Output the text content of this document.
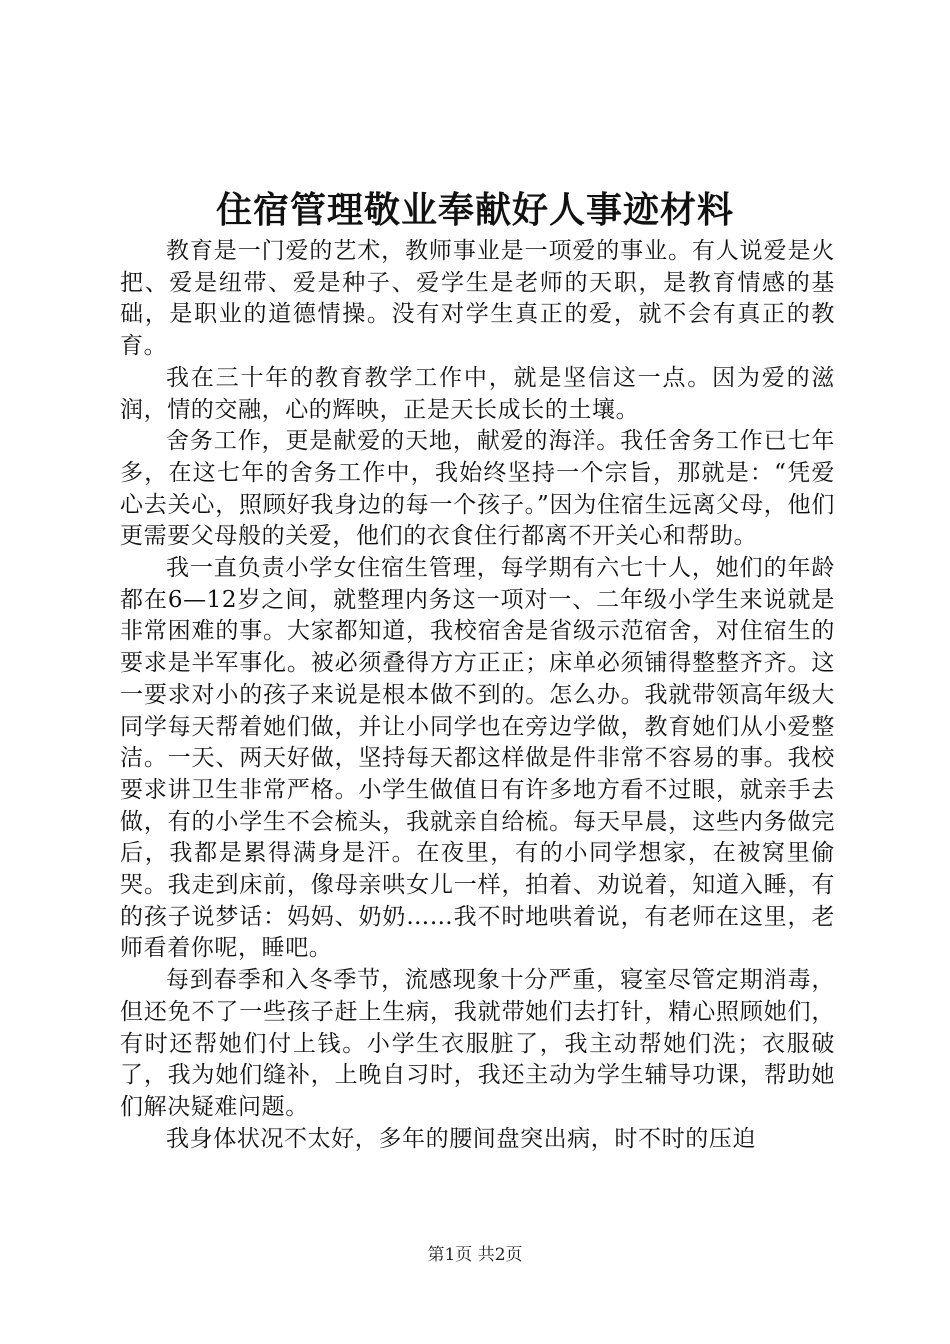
住宿管理敬业奉献好人事迹材料

教育是一门爱的艺术，教师事业是一项爱的事业。有人说爱是火把、爱是纽带、爱是种子、爱学生是老师的天职，是教育情感的基础，是职业的道德情操。没有对学生真正的爱，就不会有真正的教育。

我在三十年的教育教学工作中，就是坚信这一点。因为爱的滋润，情的交融，心的辉映，正是天长成长的土壤。

舍务工作，更是献爱的天地，献爱的海洋。我任舍务工作已七年多，在这七年的舍务工作中，我始终坚持一个宗旨，那就是：“凭爱心去关心，照顾好我身边的每一个孩子。”因为住宿生远离父母，他们更需要父母般的关爱，他们的衣食住行都离不开关心和帮助。

我一直负责小学女住宿生管理，每学期有六七十人，她们的年龄都在6—12岁之间，就整理内务这一项对一、二年级小学生来说就是非常困难的事。大家都知道，我校宿舍是省级示范宿舍，对住宿生的要求是半军事化。被必须叠得方方正正；床单必须铺得整整齐齐。这一要求对小的孩子来说是根本做不到的。怎么办。我就带领高年级大同学每天帮着她们做，并让小同学也在旁边学做，教育她们从小爱整洁。一天、两天好做，坚持每天都这样做是件非常不容易的事。我校要求讲卫生非常严格。小学生做值日有许多地方看不过眼，就亲手去做，有的小学生不会梳头，我就亲自给梳。每天早晨，这些内务做完后，我都是累得满身是汗。在夜里，有的小同学想家，在被窝里偷哭。我走到床前，像母亲哄女儿一样，拍着、劝说着，知道入睡，有的孩子说梦话：妈妈、奶奶……我不时地哄着说，有老师在这里，老师看着你呢，睡吧。

每到春季和入冬季节，流感现象十分严重，寝室尽管定期消毒，但还免不了一些孩子赶上生病，我就带她们去打针，精心照顾她们，有时还帮她们付上钱。小学生衣服脏了，我主动帮她们洗；衣服破了，我为她们缝补，上晚自习时，我还主动为学生辅导功课，帮助她们解决疑难问题。

我身体状况不太好，多年的腰间盘突出病，时不时的压迫

第1页 共2页
